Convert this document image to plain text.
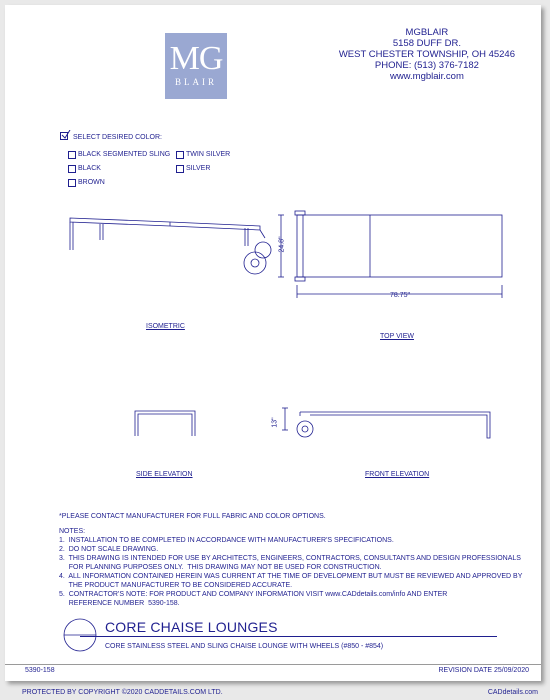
MG
BLAIR
MGBLAIR
5158 DUFF DR.
WEST CHESTER TOWNSHIP, OH 45246
PHONE: (513) 376-7182
www.mgblair.com
SELECT DESIRED COLOR:
BLACK SEGMENTED SLING TWIN SILVER
BLACK	SILVER
BROWN
ISOMETRIC
24.8"
78.75"
TOP VIEW
SIDE ELEVATION
13"
FRONT ELEVATION
*PLEASE CONTACT MANUFACTURER FOR FULL FABRIC AND COLOR OPTIONS.
NOTES:
1.  INSTALLATION TO BE COMPLETED IN ACCORDANCE WITH MANUFACTURER'S SPECIFICATIONS.
2.  DO NOT SCALE DRAWING.
3.  THIS DRAWING IS INTENDED FOR USE BY ARCHITECTS, ENGINEERS, CONTRACTORS, CONSULTANTS AND DESIGN PROFESSIONALS
FOR PLANNING PURPOSES ONLY.  THIS DRAWING MAY NOT BE USED FOR CONSTRUCTION.
4.  ALL INFORMATION CONTAINED HEREIN WAS CURRENT AT THE TIME OF DEVELOPMENT BUT MUST BE REVIEWED AND APPROVED BY
THE PRODUCT MANUFACTURER TO BE CONSIDERED ACCURATE.
5.  CONTRACTOR'S NOTE: FOR PRODUCT AND COMPANY INFORMATION VISIT www.CADdetails.com/info AND ENTER
REFERENCE NUMBER  5390-158.
CORE CHAISE LOUNGES
CORE STAINLESS STEEL AND SLING CHAISE LOUNGE WITH WHEELS (#850 - #854)
5390-158	REVISION DATE 25/09/2020
PROTECTED BY COPYRIGHT ©2020 CADDETAILS.COM LTD.	CADdetails.com
